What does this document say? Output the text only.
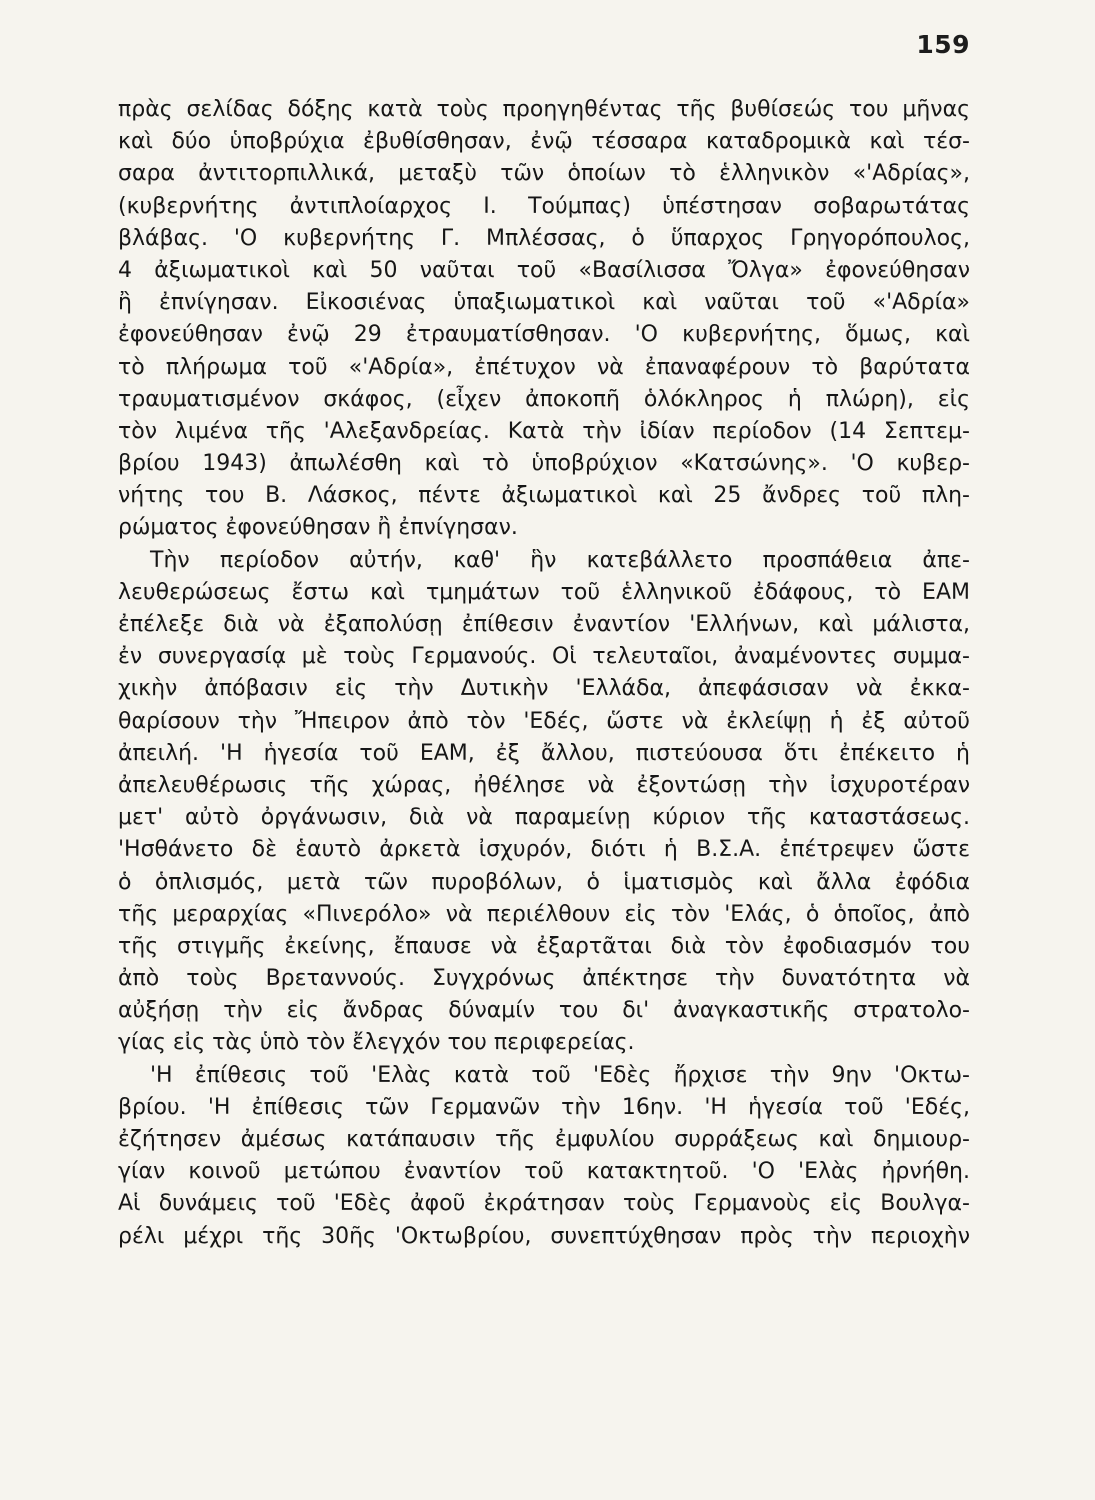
159
πρὰς σελίδας δόξης κατὰ τοὺς προηγηθέντας τῆς βυθίσεώς του μῆνας
καὶ δύο ὑποβρύχια ἐβυθίσθησαν, ἐνῷ τέσσαρα καταδρομικὰ καὶ τέσ-
σαρα ἀντιτορπιλλικά, μεταξὺ τῶν ὁποίων τὸ ἑλληνικὸν «'Αδρίας»,
(κυβερνήτης ἀντιπλοίαρχος Ι. Τούμπας) ὑπέστησαν σοβαρωτάτας
βλάβας. 'Ο κυβερνήτης Γ. Μπλέσσας, ὁ ὕπαρχος Γρηγορόπουλος,
4 ἀξιωματικοὶ καὶ 50 ναῦται τοῦ «Βασίλισσα Ὄλγα» ἐφονεύθησαν
ἢ ἐπνίγησαν. Εἰκοσιένας ὑπαξιωματικοὶ καὶ ναῦται τοῦ «'Αδρία»
ἐφονεύθησαν ἐνῷ 29 ἐτραυματίσθησαν. 'Ο κυβερνήτης, ὅμως, καὶ
τὸ πλήρωμα τοῦ «'Αδρία», ἐπέτυχον νὰ ἐπαναφέρουν τὸ βαρύτατα
τραυματισμένον σκάφος, (εἶχεν ἀποκοπῆ ὁλόκληρος ἡ πλώρη), εἰς
τὸν λιμένα τῆς 'Αλεξανδρείας. Κατὰ τὴν ἰδίαν περίοδον (14 Σεπτεμ-
βρίου 1943) ἀπωλέσθη καὶ τὸ ὑποβρύχιον «Κατσώνης». 'Ο κυβερ-
νήτης του Β. Λάσκος, πέντε ἀξιωματικοὶ καὶ 25 ἄνδρες τοῦ πλη-
ρώματος ἐφονεύθησαν ἢ ἐπνίγησαν.
Τὴν περίοδον αὐτήν, καθ' ἣν κατεβάλλετο προσπάθεια ἀπε-
λευθερώσεως ἔστω καὶ τμημάτων τοῦ ἑλληνικοῦ ἐδάφους, τὸ ΕΑΜ
ἐπέλεξε διὰ νὰ ἐξαπολύσῃ ἐπίθεσιν ἐναντίον 'Ελλήνων, καὶ μάλιστα,
ἐν συνεργασίᾳ μὲ τοὺς Γερμανούς. Οἱ τελευταῖοι, ἀναμένοντες συμμα-
χικὴν ἀπόβασιν εἰς τὴν Δυτικὴν 'Ελλάδα, ἀπεφάσισαν νὰ ἐκκα-
θαρίσουν τὴν Ἤπειρον ἀπὸ τὸν 'Εδές, ὥστε νὰ ἐκλείψῃ ἡ ἐξ αὐτοῦ
ἀπειλή. 'Η ἡγεσία τοῦ ΕΑΜ, ἐξ ἄλλου, πιστεύουσα ὅτι ἐπέκειτο ἡ
ἀπελευθέρωσις τῆς χώρας, ἠθέλησε νὰ ἐξοντώσῃ τὴν ἰσχυροτέραν
μετ' αὐτὸ ὀργάνωσιν, διὰ νὰ παραμείνῃ κύριον τῆς καταστάσεως.
'Ησθάνετο δὲ ἑαυτὸ ἀρκετὰ ἰσχυρόν, διότι ἡ Β.Σ.Α. ἐπέτρεψεν ὥστε
ὁ ὁπλισμός, μετὰ τῶν πυροβόλων, ὁ ἱματισμὸς καὶ ἄλλα ἐφόδια
τῆς μεραρχίας «Πινερόλο» νὰ περιέλθουν εἰς τὸν 'Ελάς, ὁ ὁποῖος, ἀπὸ
τῆς στιγμῆς ἐκείνης, ἔπαυσε νὰ ἐξαρτᾶται διὰ τὸν ἐφοδιασμόν του
ἀπὸ τοὺς Βρεταννούς. Συγχρόνως ἀπέκτησε τὴν δυνατότητα νὰ
αὐξήσῃ τὴν εἰς ἄνδρας δύναμίν του δι' ἀναγκαστικῆς στρατολο-
γίας εἰς τὰς ὑπὸ τὸν ἔλεγχόν του περιφερείας.
'Η ἐπίθεσις τοῦ 'Ελὰς κατὰ τοῦ 'Εδὲς ἤρχισε τὴν 9ην 'Οκτω-
βρίου. 'Η ἐπίθεσις τῶν Γερμανῶν τὴν 16ην. 'Η ἡγεσία τοῦ 'Εδές,
ἐζήτησεν ἀμέσως κατάπαυσιν τῆς ἐμφυλίου συρράξεως καὶ δημιουρ-
γίαν κοινοῦ μετώπου ἐναντίον τοῦ κατακτητοῦ. 'Ο 'Ελὰς ἠρνήθη.
Αἱ δυνάμεις τοῦ 'Εδὲς ἀφοῦ ἐκράτησαν τοὺς Γερμανοὺς εἰς Βουλγα-
ρέλι μέχρι τῆς 30ῆς 'Οκτωβρίου, συνεπτύχθησαν πρὸς τὴν περιοχὴν
